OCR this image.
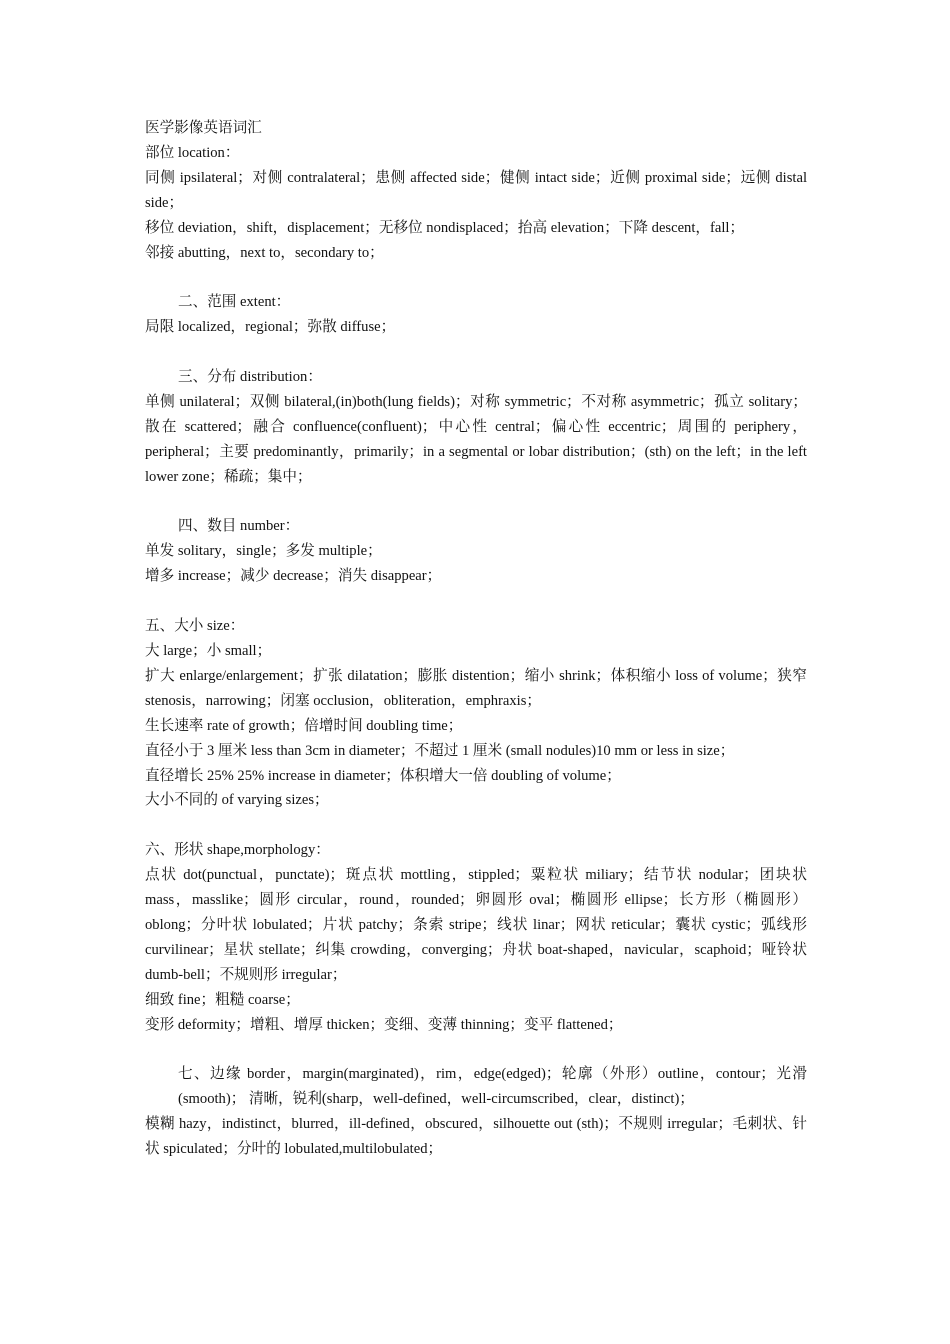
医学影像英语词汇
部位 location：
同侧 ipsilateral；对侧 contralateral；患侧 affected side；健侧 intact side；近侧 proximal side；远侧 distal side；
移位 deviation，shift，displacement；无移位 nondisplaced；抬高 elevation；下降 descent，fall；
邻接 abutting，next to，secondary to；
二、范围 extent：
局限 localized，regional；弥散 diffuse；
三、分布 distribution：
单侧 unilateral；双侧 bilateral,(in)both(lung fields)；对称 symmetric；不对称 asymmetric；孤立 solitary；散在 scattered；融合 confluence(confluent)；中心性 central；偏心性 eccentric；周围的 periphery，peripheral；主要 predominantly，primarily；in a segmental or lobar distribution；(sth) on the left；in the left lower zone；稀疏；集中；
四、数目 number：
单发 solitary，single；多发 multiple；
增多 increase；减少 decrease；消失 disappear；
五、大小 size：
大 large；小 small；
扩大 enlarge/enlargement；扩张 dilatation；膨胀 distention；缩小 shrink；体积缩小 loss of volume；狭窄 stenosis，narrowing；闭塞 occlusion，obliteration，emphraxis；
生长速率 rate of growth；倍增时间 doubling time；
直径小于 3 厘米 less than 3cm in diameter；不超过 1 厘米 (small nodules)10 mm or less in size；
直径增长 25% 25% increase in diameter；体积增大一倍 doubling of volume；
大小不同的 of varying sizes；
六、形状 shape,morphology：
点状 dot(punctual，punctate)；斑点状 mottling，stippled；粟粒状 miliary；结节状 nodular；团块状 mass，masslike；圆形 circular，round，rounded；卵圆形 oval；椭圆形 ellipse；长方形（椭圆形）oblong；分叶状 lobulated；片状 patchy；条索 stripe；线状 linar；网状 reticular；囊状 cystic；弧线形 curvilinear；星状 stellate；纠集 crowding，converging；舟状 boat-shaped，navicular，scaphoid；哑铃状 dumb-bell；不规则形 irregular；
细致 fine；粗糙 coarse；
变形 deformity；增粗、增厚 thicken；变细、变薄 thinning；变平 flattened；
七、边缘 border，margin(marginated)，rim，edge(edged)；轮廓（外形）outline，contour；光滑 (smooth)； 清晰，锐利(sharp，well-defined，well-circumscribed，clear，distinct)；
模糊 hazy，indistinct，blurred，ill-defined，obscured，silhouette out (sth)；不规则 irregular；毛刺状、针状 spiculated；分叶的 lobulated,multilobulated；
